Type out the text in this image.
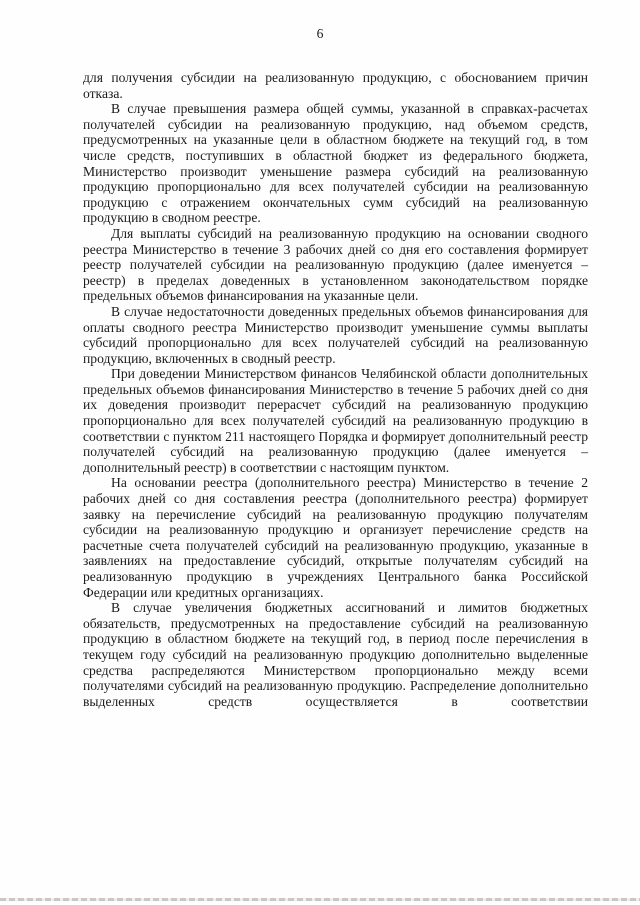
6

для получения субсидии на реализованную продукцию, с обоснованием причин отказа.

В случае превышения размера общей суммы, указанной в справках-расчетах получателей субсидии на реализованную продукцию, над объемом средств, предусмотренных на указанные цели в областном бюджете на текущий год, в том числе средств, поступивших в областной бюджет из федерального бюджета, Министерство производит уменьшение размера субсидий на реализованную продукцию пропорционально для всех получателей субсидии на реализованную продукцию с отражением окончательных сумм субсидий на реализованную продукцию в сводном реестре.

Для выплаты субсидий на реализованную продукцию на основании сводного реестра Министерство в течение 3 рабочих дней со дня его составления формирует реестр получателей субсидии на реализованную продукцию (далее именуется – реестр) в пределах доведенных в установленном законодательством порядке предельных объемов финансирования на указанные цели.

В случае недостаточности доведенных предельных объемов финансирования для оплаты сводного реестра Министерство производит уменьшение суммы выплаты субсидий пропорционально для всех получателей субсидий на реализованную продукцию, включенных в сводный реестр.

При доведении Министерством финансов Челябинской области дополнительных предельных объемов финансирования Министерство в течение 5 рабочих дней со дня их доведения производит перерасчет субсидий на реализованную продукцию пропорционально для всех получателей субсидий на реализованную продукцию в соответствии с пунктом 211 настоящего Порядка и формирует дополнительный реестр получателей субсидий на реализованную продукцию (далее именуется – дополнительный реестр) в соответствии с настоящим пунктом.

На основании реестра (дополнительного реестра) Министерство в течение 2 рабочих дней со дня составления реестра (дополнительного реестра) формирует заявку на перечисление субсидий на реализованную продукцию получателям субсидии на реализованную продукцию и организует перечисление средств на расчетные счета получателей субсидий на реализованную продукцию, указанные в заявлениях на предоставление субсидий, открытые получателям субсидий на реализованную продукцию в учреждениях Центрального банка Российской Федерации или кредитных организациях.

В случае увеличения бюджетных ассигнований и лимитов бюджетных обязательств, предусмотренных на предоставление субсидий на реализованную продукцию в областном бюджете на текущий год, в период после перечисления в текущем году субсидий на реализованную продукцию дополнительно выделенные средства распределяются Министерством пропорционально между всеми получателями субсидий на реализованную продукцию. Распределение дополнительно выделенных средств осуществляется в соответствии
